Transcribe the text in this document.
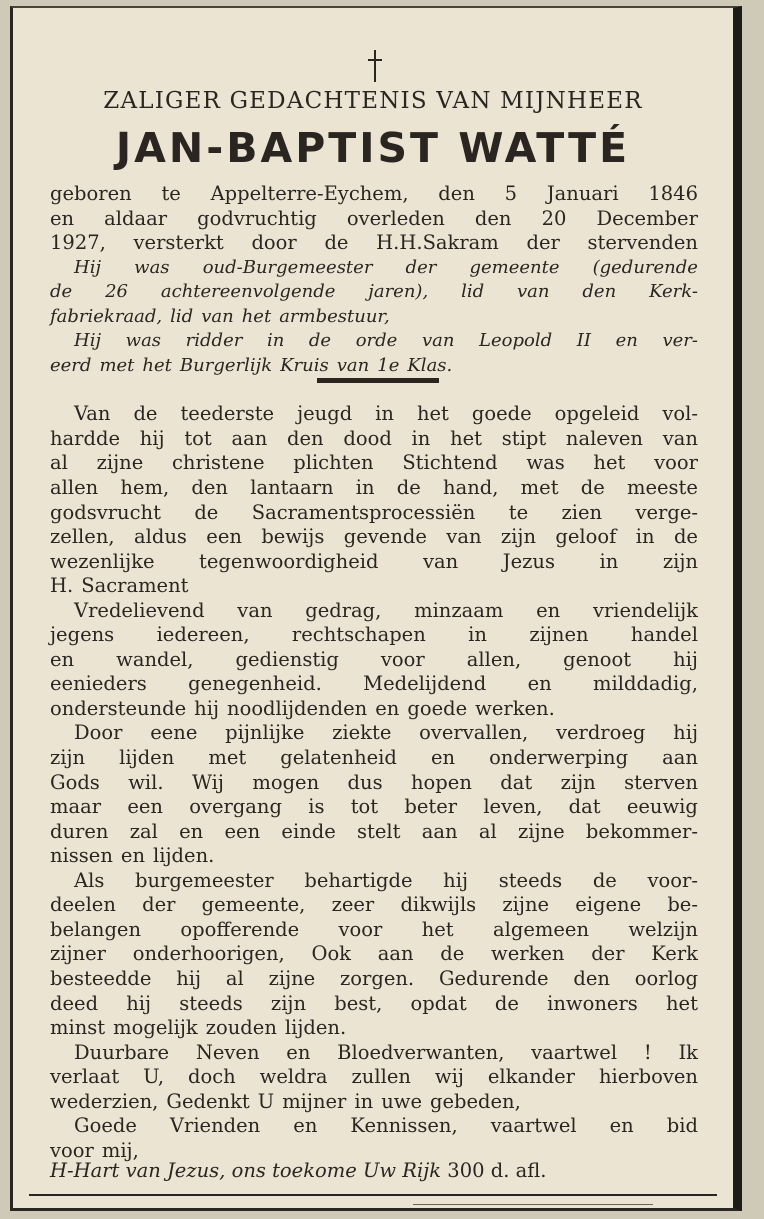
ZALIGER GEDACHTENIS VAN MIJNHEER
JAN-BAPTIST WATTÉ
geboren te Appelterre-Eychem, den 5 Januari 1846
en aldaar godvruchtig overleden den 20 December
1927, versterkt door de H.H.Sakram der stervenden
Hij was oud-Burgemeester der gemeente (gedurende
de 26 achtereenvolgende jaren), lid van den Kerk-
fabriekraad, lid van het armbestuur,
Hij was ridder in de orde van Leopold II en ver-
eerd met het Burgerlijk Kruis van 1e Klas.
Van de teederste jeugd in het goede opgeleid vol-
hardde hij tot aan den dood in het stipt naleven van
al zijne christene plichten Stichtend was het voor
allen hem, den lantaarn in de hand, met de meeste
godsvrucht de Sacramentsprocessiën te zien verge-
zellen, aldus een bewijs gevende van zijn geloof in de
wezenlijke tegenwoordigheid van Jezus in zijn
H. Sacrament
Vredelievend van gedrag, minzaam en vriendelijk
jegens iedereen, rechtschapen in zijnen handel
en wandel, gedienstig voor allen, genoot hij
eenieders genegenheid. Medelijdend en milddadig,
ondersteunde hij noodlijdenden en goede werken.
Door eene pijnlijke ziekte overvallen, verdroeg hij
zijn lijden met gelatenheid en onderwerping aan
Gods wil. Wij mogen dus hopen dat zijn sterven
maar een overgang is tot beter leven, dat eeuwig
duren zal en een einde stelt aan al zijne bekommer-
nissen en lijden.
Als burgemeester behartigde hij steeds de voor-
deelen der gemeente, zeer dikwijls zijne eigene be-
belangen opofferende voor het algemeen welzijn
zijner onderhoorigen, Ook aan de werken der Kerk
besteedde hij al zijne zorgen. Gedurende den oorlog
deed hij steeds zijn best, opdat de inwoners het
minst mogelijk zouden lijden.
Duurbare Neven en Bloedverwanten, vaartwel ! Ik
verlaat U, doch weldra zullen wij elkander hierboven
wederzien, Gedenkt U mijner in uwe gebeden,
Goede Vrienden en Kennissen, vaartwel en bid
voor mij,
H-Hart van Jezus, ons toekome Uw Rijk 300 d. afl.
